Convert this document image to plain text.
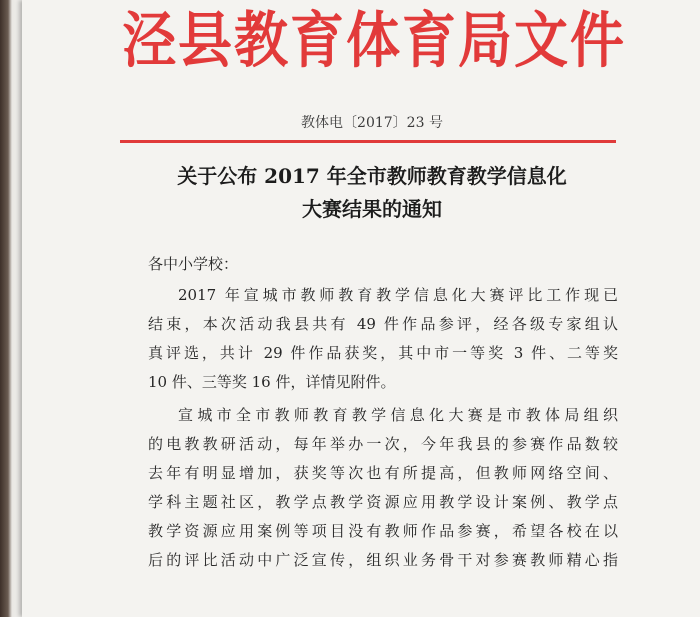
泾县教育体育局文件
教体电〔2017〕23 号
关于公布 2017 年全市教师教育教学信息化
大赛结果的通知
各中小学校：
2017 年宣城市教师教育教学信息化大赛评比工作现已
结束，本次活动我县共有 49 件作品参评，经各级专家组认
真评选，共计 29 件作品获奖，其中市一等奖 3 件、二等奖
10 件、三等奖 16 件，详情见附件。
宣城市全市教师教育教学信息化大赛是市教体局组织
的电教教研活动，每年举办一次，今年我县的参赛作品数较
去年有明显增加，获奖等次也有所提高，但教师网络空间、
学科主题社区，教学点教学资源应用教学设计案例、教学点
教学资源应用案例等项目没有教师作品参赛，希望各校在以
后的评比活动中广泛宣传，组织业务骨干对参赛教师精心指
